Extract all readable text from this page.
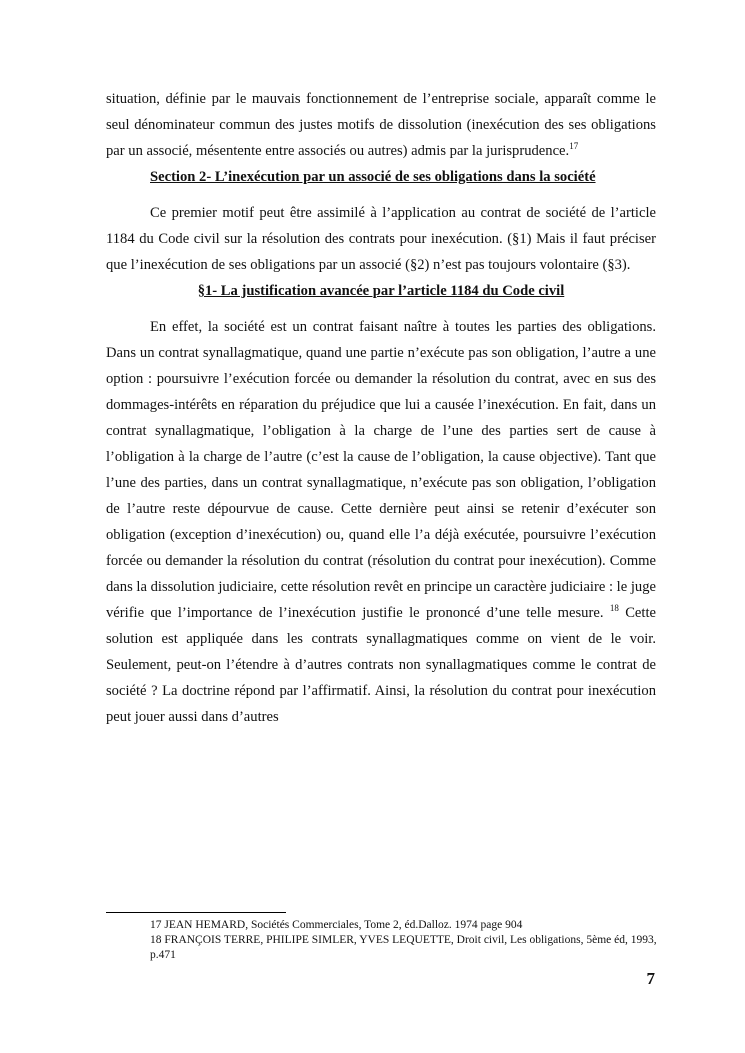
situation, définie par le mauvais fonctionnement de l’entreprise sociale, apparaît comme le seul dénominateur commun des justes motifs de dissolution (inexécution des ses obligations par un associé, mésentente entre associés ou autres) admis par la jurisprudence.$^{17}$

Section 2- L’inexécution par un associé de ses obligations dans la société

Ce premier motif peut être assimilé à l’application au contrat de société de l’article 1184 du Code civil sur la résolution des contrats pour inexécution. (§1) Mais il faut préciser que l’inexécution de ses obligations par un associé (§2) n’est pas toujours volontaire (§3).

§1- La justification avancée par l’article 1184 du Code civil

En effet, la société est un contrat faisant naître à toutes les parties des obligations. Dans un contrat synallagmatique, quand une partie n’exécute pas son obligation, l’autre a une option : poursuivre l’exécution forcée ou demander la résolution du contrat, avec en sus des dommages-intérêts en réparation du préjudice que lui a causée l’inexécution. En fait, dans un contrat synallagmatique, l’obligation à la charge de l’une des parties sert de cause à l’obligation à la charge de l’autre (c’est la cause de l’obligation, la cause objective). Tant que l’une des parties, dans un contrat synallagmatique, n’exécute pas son obligation, l’obligation de l’autre reste dépourvue de cause. Cette dernière peut ainsi se retenir d’exécuter son obligation (exception d’inexécution) ou, quand elle l’a déjà exécutée, poursuivre l’exécution forcée ou demander la résolution du contrat (résolution du contrat pour inexécution). Comme dans la dissolution judiciaire, cette résolution revêt en principe un caractère judiciaire : le juge vérifie que l’importance de l’inexécution justifie le prononcé d’une telle mesure. $^{18}$ Cette solution est appliquée dans les contrats synallagmatiques comme on vient de le voir. Seulement, peut-on l’étendre à d’autres contrats non synallagmatiques comme le contrat de société ? La doctrine répond par l’affirmatif. Ainsi, la résolution du contrat pour inexécution peut jouer aussi dans d’autres

17 JEAN HEMARD, Sociétés Commerciales, Tome 2, éd.Dalloz. 1974 page 904

18 FRANÇOIS TERRE, PHILIPE SIMLER, YVES LEQUETTE, Droit civil, Les obligations, 5ème éd, 1993, p.471

7
